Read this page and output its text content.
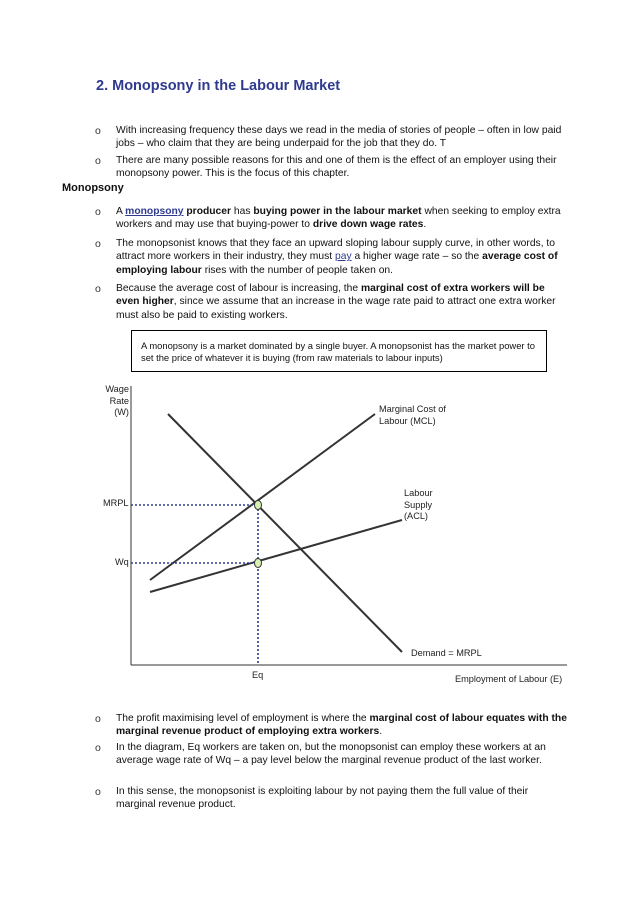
2. Monopsony in the Labour Market
o With increasing frequency these days we read in the media of stories of people – often in low paid jobs – who claim that they are being underpaid for the job that they do. T
o There are many possible reasons for this and one of them is the effect of an employer using their monopsony power. This is the focus of this chapter.
Monopsony
o A monopsony producer has buying power in the labour market when seeking to employ extra workers and may use that buying-power to drive down wage rates.
o The monopsonist knows that they face an upward sloping labour supply curve, in other words, to attract more workers in their industry, they must pay a higher wage rate – so the average cost of employing labour rises with the number of people taken on.
o Because the average cost of labour is increasing, the marginal cost of extra workers will be even higher, since we assume that an increase in the wage rate paid to attract one extra worker must also be paid to existing workers.
A monopsony is a market dominated by a single buyer. A monopsonist has the market power to set the price of whatever it is buying (from raw materials to labour inputs)
Wage
Rate
(W)
MRPL
Wq
Eq	Employment of Labour (E)
Marginal Cost of
Labour (MCL)
Labour
Supply
(ACL)
Demand = MRPL
o The profit maximising level of employment is where the marginal cost of labour equates with the marginal revenue product of employing extra workers.
o In the diagram, Eq workers are taken on, but the monopsonist can employ these workers at an average wage rate of Wq – a pay level below the marginal revenue product of the last worker.
o In this sense, the monopsonist is exploiting labour by not paying them the full value of their marginal revenue product.
